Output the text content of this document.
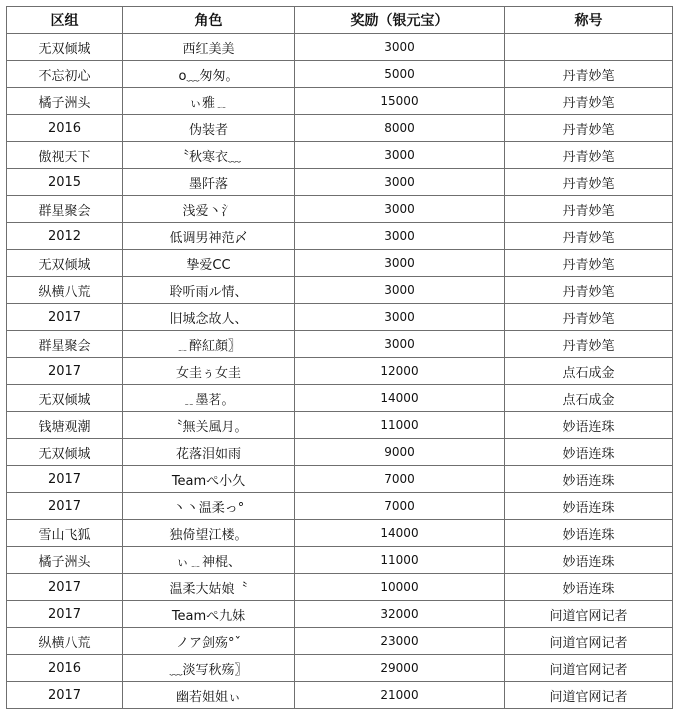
区组	角色	奖励（银元宝）	称号
无双倾城	西红美美	3000	
不忘初心	o﹏匆匆。	5000	丹青妙笔
橘子洲头	ぃ雅﹎	15000	丹青妙笔
2016	伪装者	8000	丹青妙笔
傲视天下	〝秋寒衣﹏	3000	丹青妙笔
2015	墨阡落	3000	丹青妙笔
群星聚会	浅爱丶氵	3000	丹青妙笔
2012	低调男神范〆	3000	丹青妙笔
无双倾城	挚爱CC	3000	丹青妙笔
纵横八荒	聆听雨ル情、	3000	丹青妙笔
2017	旧城念故人、	3000	丹青妙笔
群星聚会	﹎醉紅顏〗	3000	丹青妙笔
2017	女圭ぅ女圭	12000	点石成金
无双倾城	﹎墨茗。	14000	点石成金
钱塘观潮	〝無关風月。	11000	妙语连珠
无双倾城	花落泪如雨	9000	妙语连珠
2017	Teamぺ小久	7000	妙语连珠
2017	丶丶温柔っ°	7000	妙语连珠
雪山飞狐	独倚望江楼。	14000	妙语连珠
橘子洲头	ぃ﹎神棍、	11000	妙语连珠
2017	温柔大姑娘〝	10000	妙语连珠
2017	Teamぺ九妹	32000	问道官网记者
纵横八荒	ノア剑殇°ˇ	23000	问道官网记者
2016	﹏淡写秋殇〗	29000	问道官网记者
2017	幽若姐姐ぃ	21000	问道官网记者
